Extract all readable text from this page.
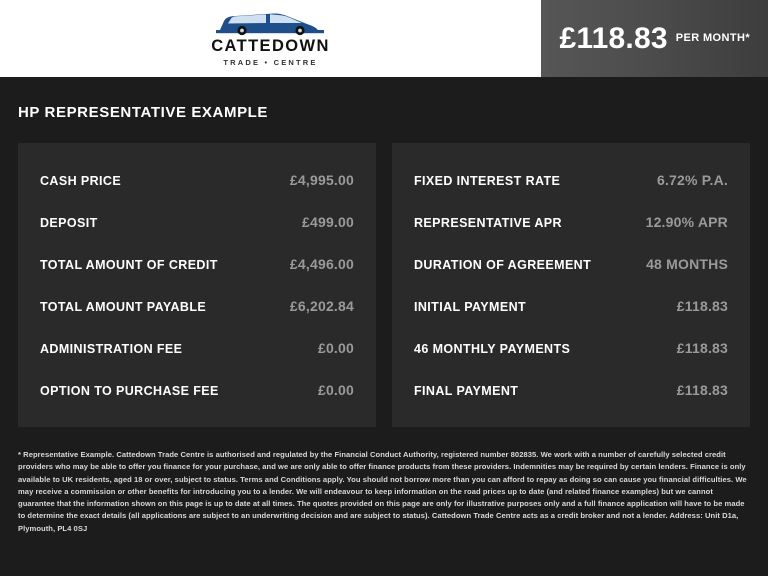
CATTEDOWN
TRADE • CENTRE
£118.83 PER MONTH*
HP REPRESENTATIVE EXAMPLE
CASH PRICE	£4,995.00
DEPOSIT	£499.00
TOTAL AMOUNT OF CREDIT	£4,496.00
TOTAL AMOUNT PAYABLE	£6,202.84
ADMINISTRATION FEE	£0.00
OPTION TO PURCHASE FEE	£0.00
FIXED INTEREST RATE	6.72% P.A.
REPRESENTATIVE APR	12.90% APR
DURATION OF AGREEMENT	48 MONTHS
INITIAL PAYMENT	£118.83
46 MONTHLY PAYMENTS	£118.83
FINAL PAYMENT	£118.83

* Representative Example. Cattedown Trade Centre is authorised and regulated by the Financial Conduct Authority, registered number 802835. We work with a number of carefully selected credit providers who may be able to offer you finance for your purchase, and we are only able to offer finance products from these providers. Indemnities may be required by certain lenders. Finance is only available to UK residents, aged 18 or over, subject to status. Terms and Conditions apply. You should not borrow more than you can afford to repay as doing so can cause you financial difficulties. We may receive a commission or other benefits for introducing you to a lender. We will endeavour to keep information on the road prices up to date (and related finance examples) but we cannot guarantee that the information shown on this page is up to date at all times. The quotes provided on this page are only for illustrative purposes only and a full finance application will have to be made to determine the exact details (all applications are subject to an underwriting decision and are subject to status). Cattedown Trade Centre acts as a credit broker and not a lender. Address: Unit D1a, Plymouth, PL4 0SJ
